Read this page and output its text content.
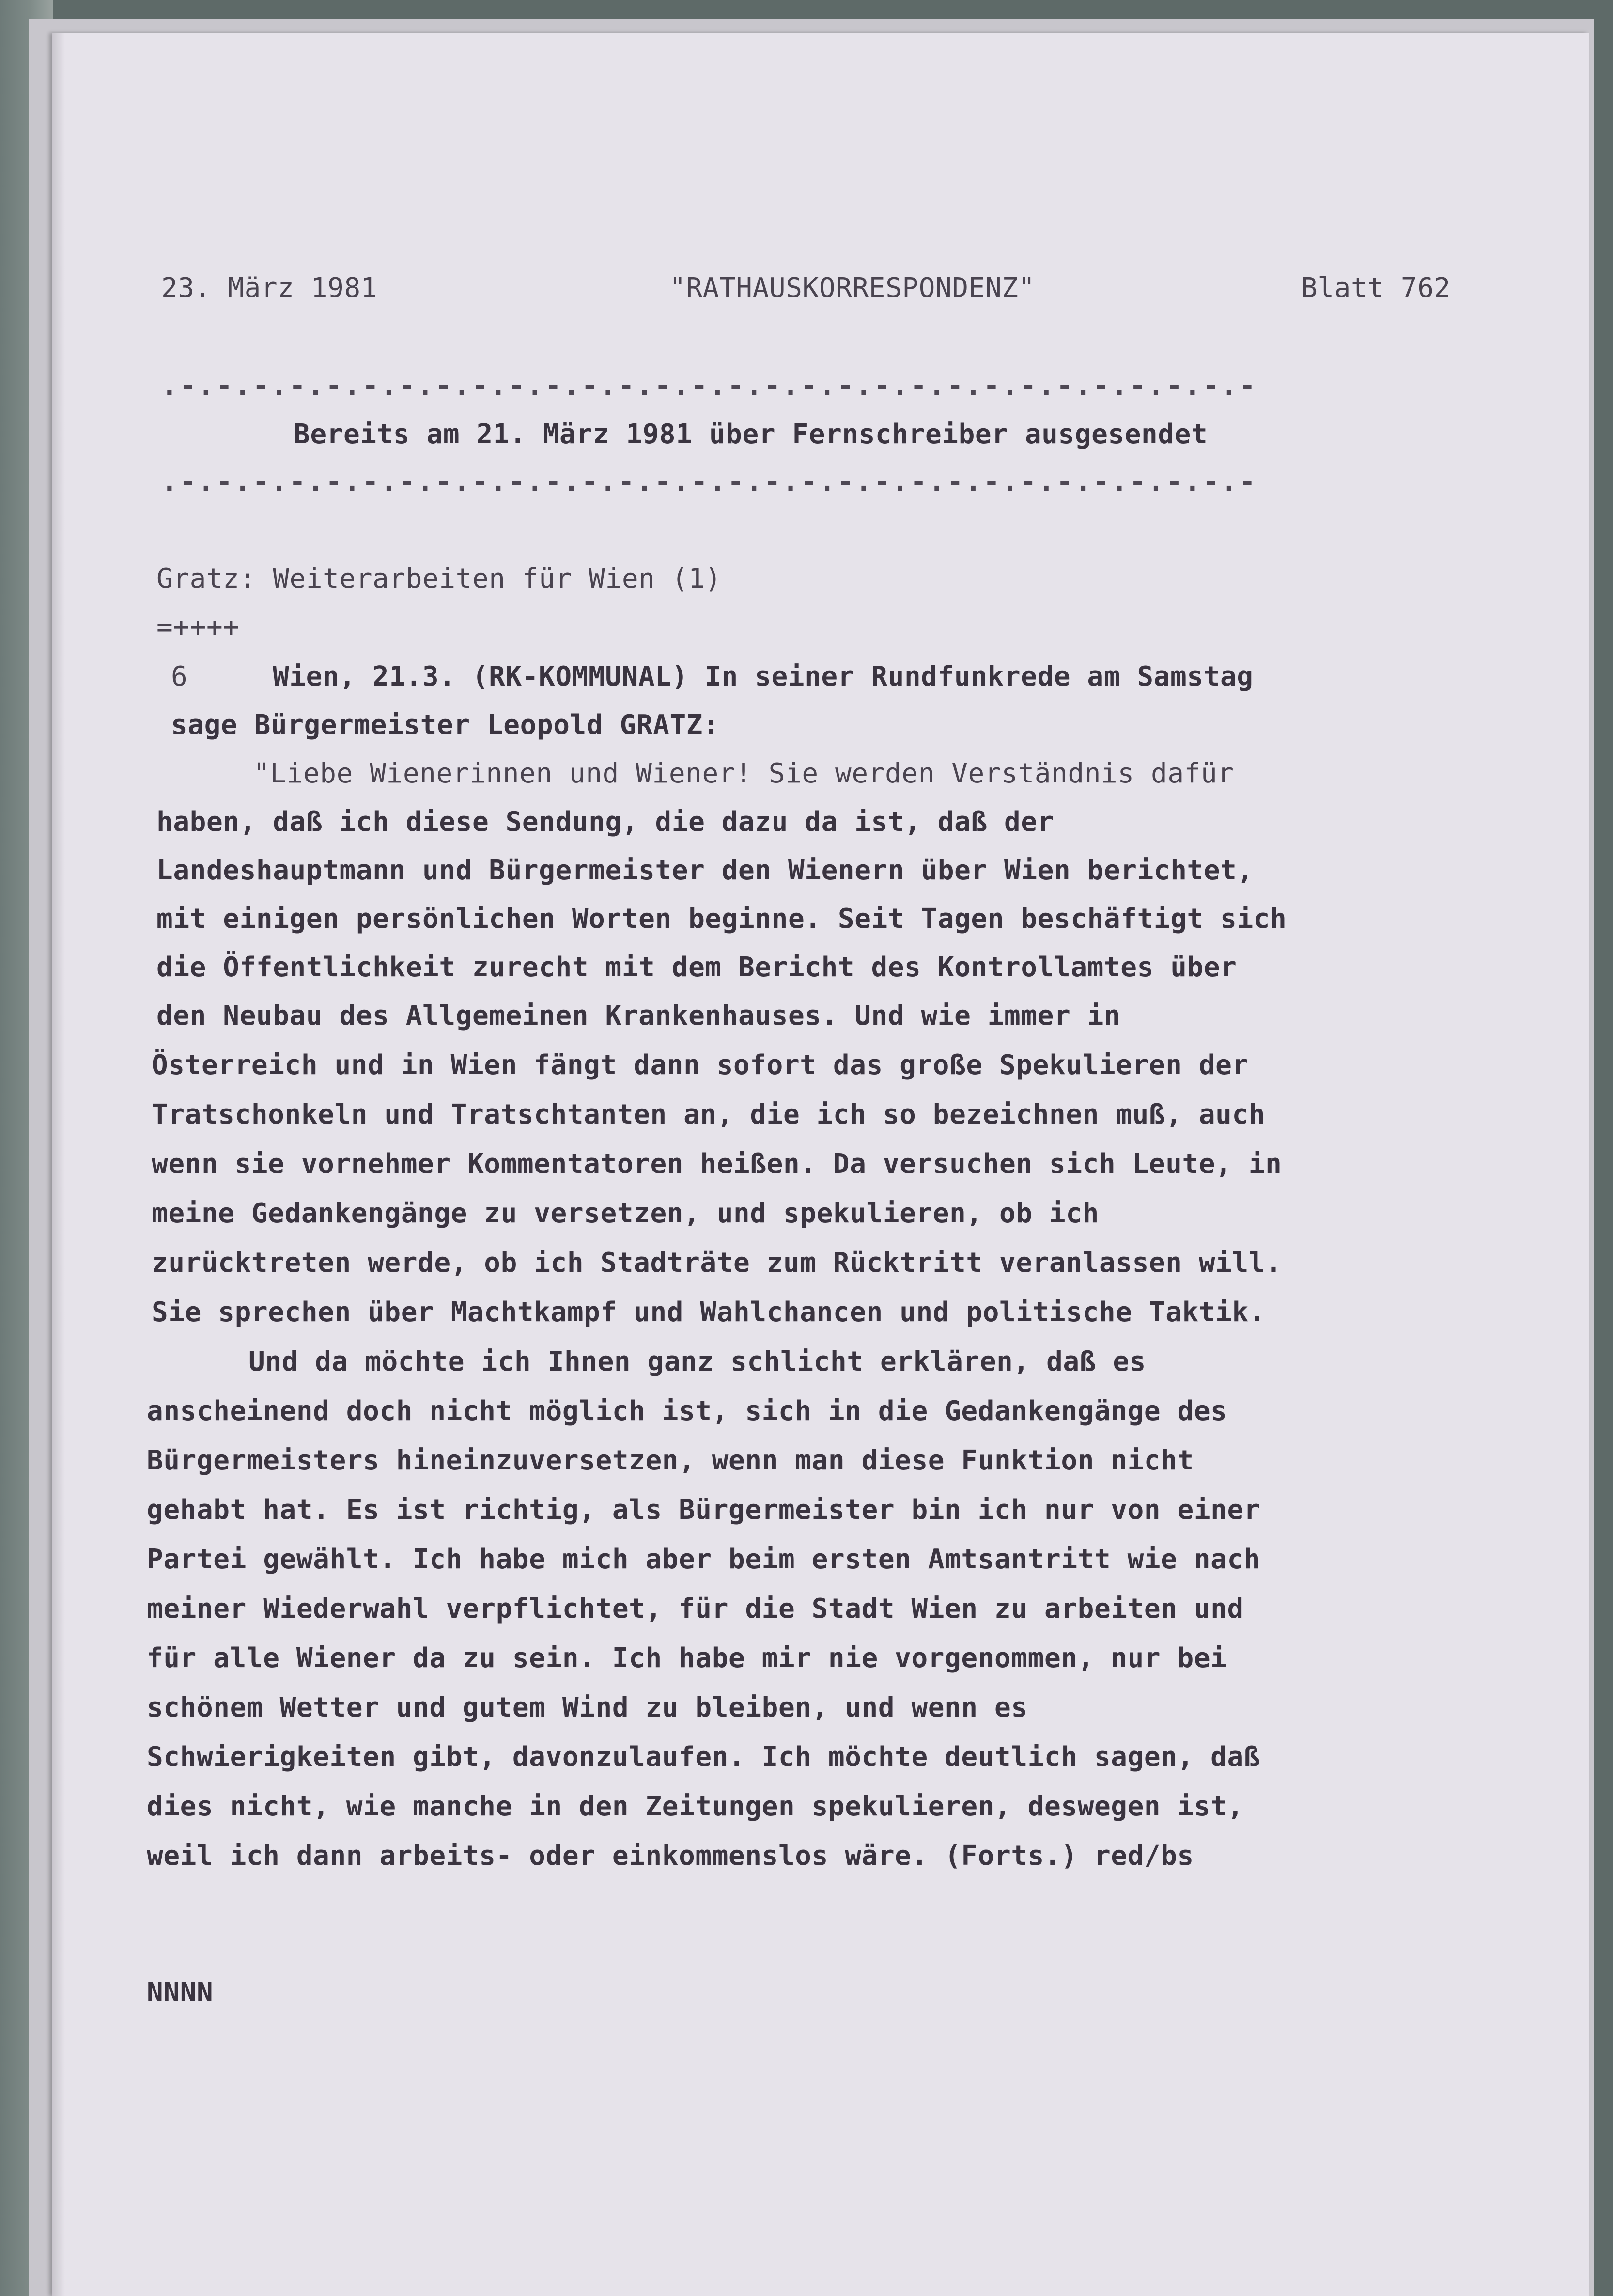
23. März 1981	"RATHAUSKORRESPONDENZ"	Blatt 762
.-.-.-.-.-.-.-.-.-.-.-.-.-.-.-.-.-.-.-.-.-.-.-.-.-.-.-.-.-.-
Bereits am 21. März 1981 über Fernschreiber ausgesendet
.-.-.-.-.-.-.-.-.-.-.-.-.-.-.-.-.-.-.-.-.-.-.-.-.-.-.-.-.-.-
Gratz: Weiterarbeiten für Wien (1)
=++++
6	Wien, 21.3. (RK-KOMMUNAL) In seiner Rundfunkrede am Samstag
sage Bürgermeister Leopold GRATZ:
"Liebe Wienerinnen und Wiener! Sie werden Verständnis dafür
haben, daß ich diese Sendung, die dazu da ist, daß der
Landeshauptmann und Bürgermeister den Wienern über Wien berichtet,
mit einigen persönlichen Worten beginne. Seit Tagen beschäftigt sich
die Öffentlichkeit zurecht mit dem Bericht des Kontrollamtes über
den Neubau des Allgemeinen Krankenhauses. Und wie immer in
Österreich und in Wien fängt dann sofort das große Spekulieren der
Tratschonkeln und Tratschtanten an, die ich so bezeichnen muß, auch
wenn sie vornehmer Kommentatoren heißen. Da versuchen sich Leute, in
meine Gedankengänge zu versetzen, und spekulieren, ob ich
zurücktreten werde, ob ich Stadträte zum Rücktritt veranlassen will.
Sie sprechen über Machtkampf und Wahlchancen und politische Taktik.
Und da möchte ich Ihnen ganz schlicht erklären, daß es
anscheinend doch nicht möglich ist, sich in die Gedankengänge des
Bürgermeisters hineinzuversetzen, wenn man diese Funktion nicht
gehabt hat. Es ist richtig, als Bürgermeister bin ich nur von einer
Partei gewählt. Ich habe mich aber beim ersten Amtsantritt wie nach
meiner Wiederwahl verpflichtet, für die Stadt Wien zu arbeiten und
für alle Wiener da zu sein. Ich habe mir nie vorgenommen, nur bei
schönem Wetter und gutem Wind zu bleiben, und wenn es
Schwierigkeiten gibt, davonzulaufen. Ich möchte deutlich sagen, daß
dies nicht, wie manche in den Zeitungen spekulieren, deswegen ist,
weil ich dann arbeits- oder einkommenslos wäre. (Forts.) red/bs
NNNN
